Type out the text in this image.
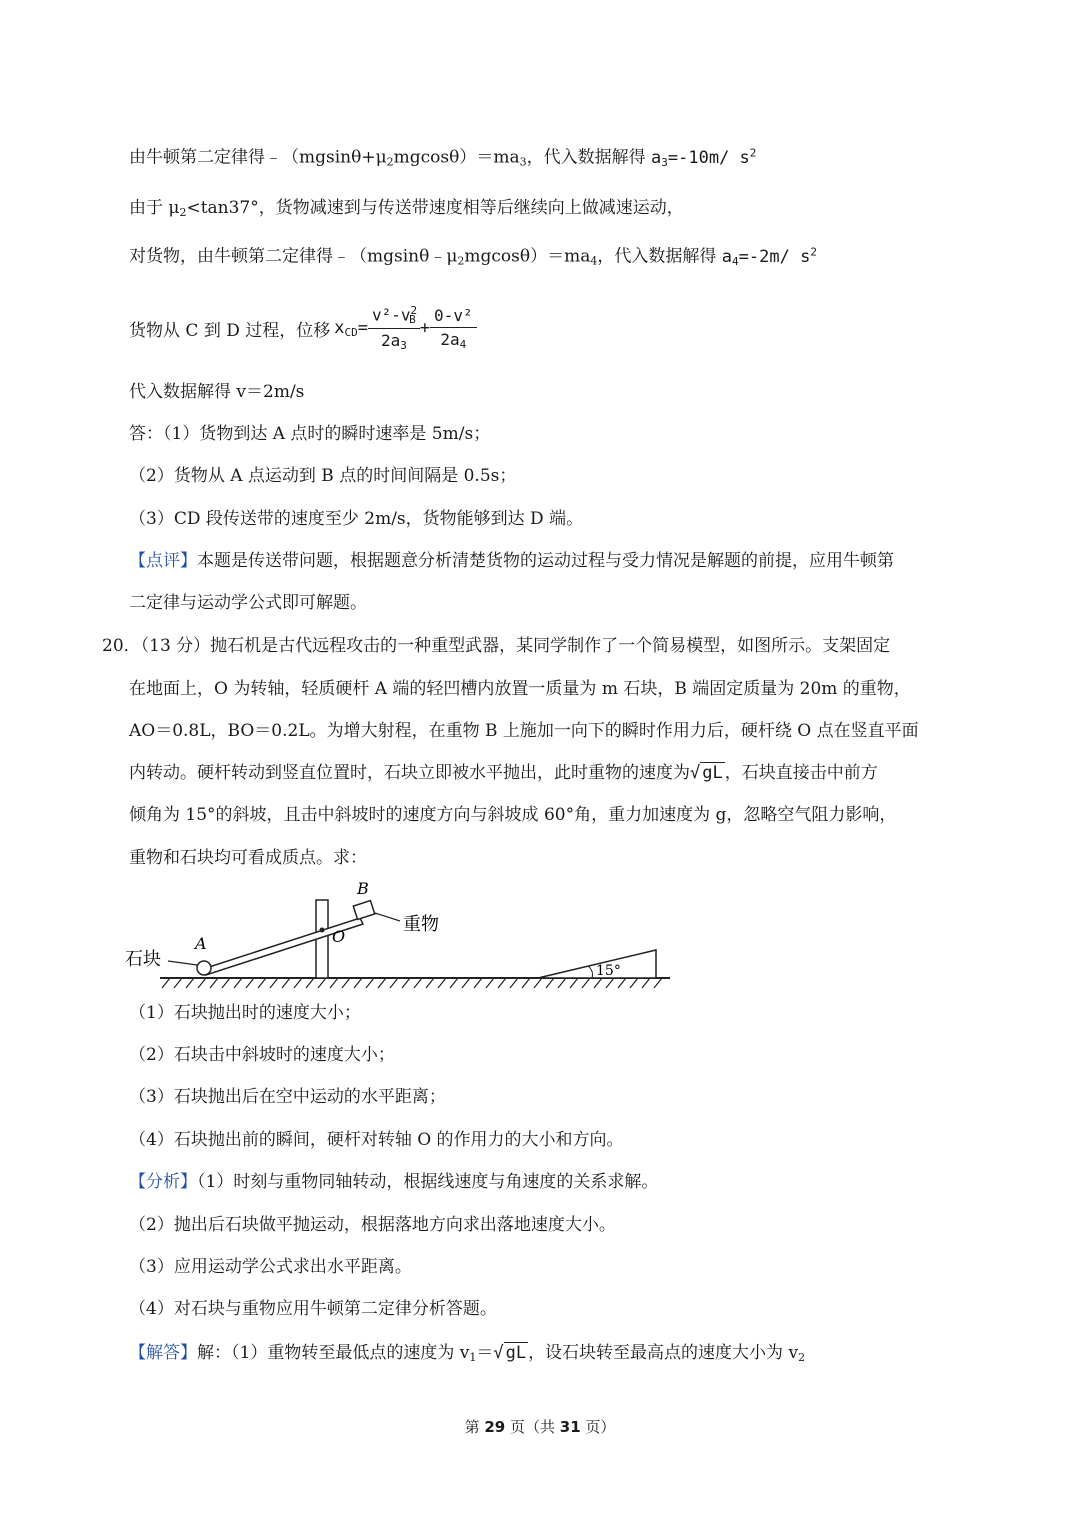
由牛顿第二定律得$﹣(mgsin\theta+\mu_2mgcos\theta)=ma_3$，代入数据解得 $a_3=-10m/$ $s^2$
由于 $\mu_2<\tan 37^\circ$，货物减速到与传送带速度相等后继续向上做减速运动，
对货物，由牛顿第二定律得$﹣(mgsin\theta﹣\mu_2mgcos\theta)=ma_4$，代入数据解得 $a_4=-2m/$ $s^2$
货物从 C 到 D 过程，位移 $x_{CD}= \frac{v^2-v^2_B}{2a_3} + \frac{\text{0-v²}}{2a_4}$
代入数据解得 v＝2m/s
答：（1）货物到达 A 点时的瞬时速率是 5m/s；
（2）货物从 A 点运动到 B 点的时间间隔是 0.5s；
（3）CD 段传送带的速度至少 2m/s，货物能够到达 D 端。
【点评】本题是传送带问题，根据题意分析清楚货物的运动过程与受力情况是解题的前提，应用牛顿第
二定律与运动学公式即可解题。
20．（13 分）抛石机是古代远程攻击的一种重型武器，某同学制作了一个简易模型，如图所示。支架固定
在地面上，O 为转轴，轻质硬杆 A 端的轻凹槽内放置一质量为 m 石块，B 端固定质量为 20m 的重物，
AO＝0.8L，BO＝0.2L。为增大射程，在重物 B 上施加一向下的瞬时作用力后，硬杆绕 O 点在竖直平面
内转动。硬杆转动到竖直位置时，石块立即被水平抛出，此时重物的速度为√ gL ，石块直接击中前方
倾角为 15°的斜坡，且击中斜坡时的速度方向与斜坡成 60°角，重力加速度为 g，忽略空气阻力影响，
重物和石块均可看成质点。求：
石块
A	O
B
重物
15°
（1）石块抛出时的速度大小；
（2）石块击中斜坡时的速度大小；
（3）石块抛出后在空中运动的水平距离；
（4）石块抛出前的瞬间，硬杆对转轴 O 的作用力的大小和方向。
【分析】（1）时刻与重物同轴转动，根据线速度与角速度的关系求解。
（2）抛出后石块做平抛运动，根据落地方向求出落地速度大小。
（3）应用运动学公式求出水平距离。
（4）对石块与重物应用牛顿第二定律分析答题。
【解答】解：（1）重物转至最低点的速度为 $v_1=√$ gL ，设石块转至最高点的速度大小为 $v_2$
第 29 页（共 31 页）
